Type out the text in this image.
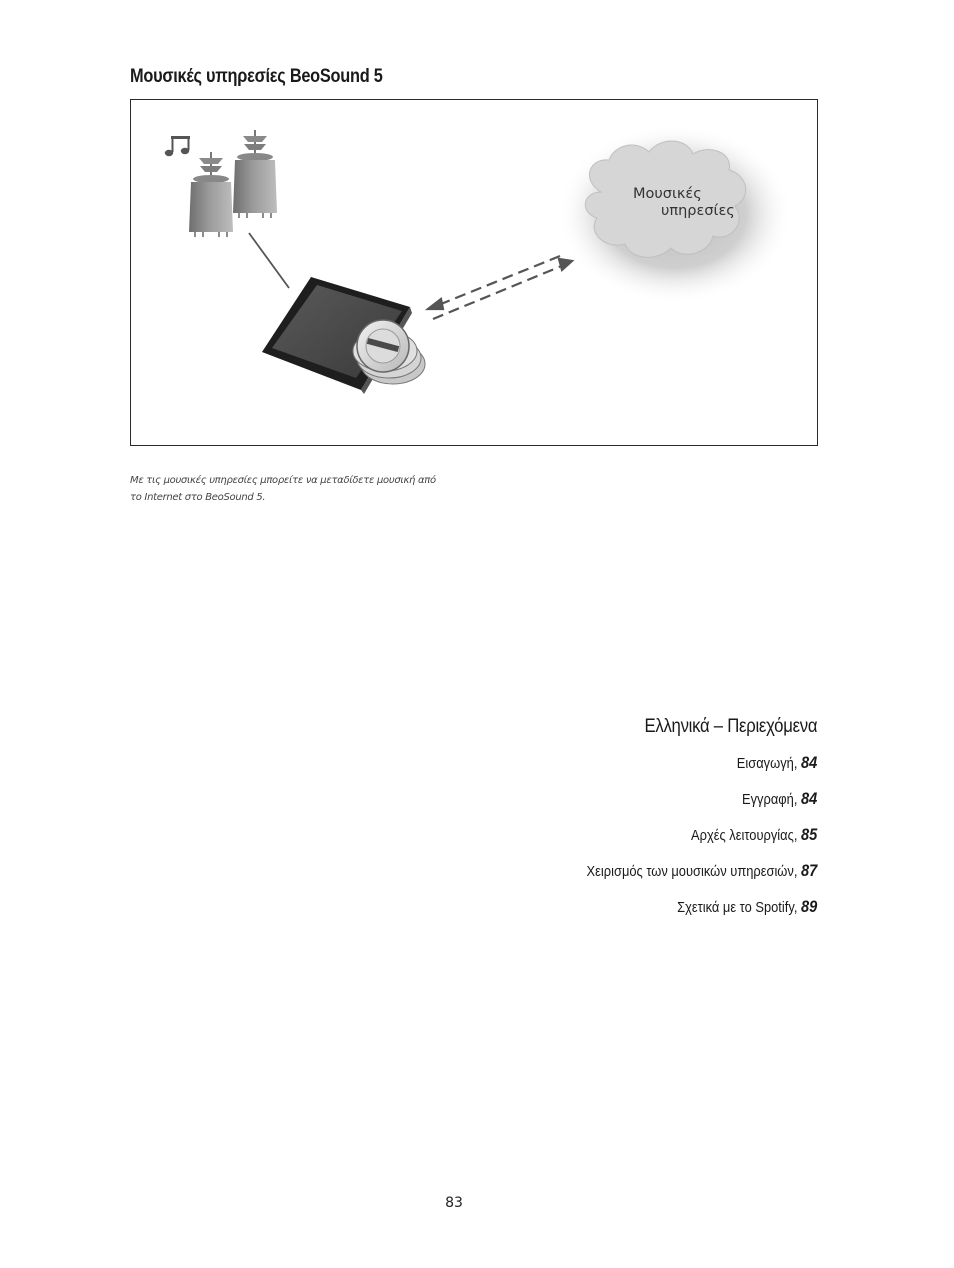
Μουσικές υπηρεσίες BeoSound 5
Μουσικές
υπηρεσίες
Με τις μουσικές υπηρεσίες μπορείτε να μεταδίδετε μουσική από
το Internet στο BeoSound 5.
Ελληνικά – Περιεχόμενα
Εισαγωγή, 84
Εγγραφή, 84
Αρχές λειτουργίας, 85
Χειρισμός των μουσικών υπηρεσιών, 87
Σχετικά με το Spotify, 89
83
